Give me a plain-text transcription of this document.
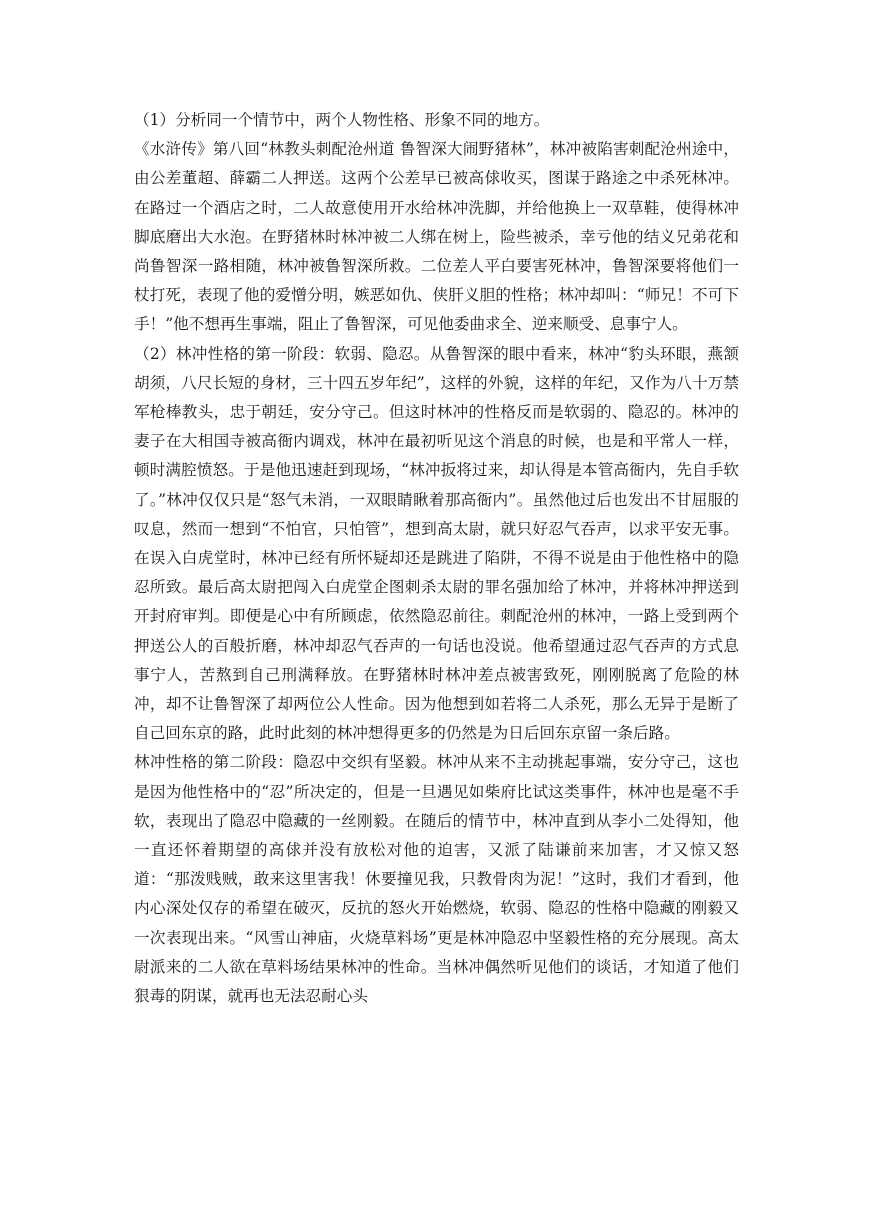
（1）分析同一个情节中，两个人物性格、形象不同的地方。

《水浒传》第八回“林教头刺配沧州道 鲁智深大闹野猪林”，林冲被陷害刺配沧州途中，由公差董超、薛霸二人押送。这两个公差早已被高俅收买，图谋于路途之中杀死林冲。在路过一个酒店之时，二人故意使用开水给林冲洗脚，并给他换上一双草鞋，使得林冲脚底磨出大水泡。在野猪林时林冲被二人绑在树上，险些被杀，幸亏他的结义兄弟花和尚鲁智深一路相随，林冲被鲁智深所救。二位差人平白要害死林冲，鲁智深要将他们一杖打死，表现了他的爱憎分明，嫉恶如仇、侠肝义胆的性格；林冲却叫：“师兄！不可下手！”他不想再生事端，阻止了鲁智深，可见他委曲求全、逆来顺受、息事宁人。

（2）林冲性格的第一阶段：软弱、隐忍。从鲁智深的眼中看来，林冲“豹头环眼，燕颔胡须，八尺长短的身材，三十四五岁年纪”，这样的外貌，这样的年纪，又作为八十万禁军枪棒教头，忠于朝廷，安分守己。但这时林冲的性格反而是软弱的、隐忍的。林冲的妻子在大相国寺被高衙内调戏，林冲在最初听见这个消息的时候，也是和平常人一样，顿时满腔愤怒。于是他迅速赶到现场，“林冲扳将过来，却认得是本管高衙内，先自手软了。”林冲仅仅只是“怒气未消，一双眼睛瞅着那高衙内”。虽然他过后也发出不甘屈服的叹息，然而一想到“不怕官，只怕管”，想到高太尉，就只好忍气吞声，以求平安无事。在误入白虎堂时，林冲已经有所怀疑却还是跳进了陷阱，不得不说是由于他性格中的隐忍所致。最后高太尉把闯入白虎堂企图刺杀太尉的罪名强加给了林冲，并将林冲押送到开封府审判。即便是心中有所顾虑，依然隐忍前往。刺配沧州的林冲，一路上受到两个押送公人的百般折磨，林冲却忍气吞声的一句话也没说。他希望通过忍气吞声的方式息事宁人，苦熬到自己刑满释放。在野猪林时林冲差点被害致死，刚刚脱离了危险的林冲，却不让鲁智深了却两位公人性命。因为他想到如若将二人杀死，那么无异于是断了自己回东京的路，此时此刻的林冲想得更多的仍然是为日后回东京留一条后路。

林冲性格的第二阶段：隐忍中交织有坚毅。林冲从来不主动挑起事端，安分守己，这也是因为他性格中的“忍”所决定的，但是一旦遇见如柴府比试这类事件，林冲也是毫不手软，表现出了隐忍中隐藏的一丝刚毅。在随后的情节中，林冲直到从李小二处得知，他一直还怀着期望的高俅并没有放松对他的迫害，又派了陆谦前来加害，才又惊又怒道：“那泼贱贼，敢来这里害我！休要撞见我，只教骨肉为泥！”这时，我们才看到，他内心深处仅存的希望在破灭，反抗的怒火开始燃烧，软弱、隐忍的性格中隐藏的刚毅又一次表现出来。“风雪山神庙，火烧草料场”更是林冲隐忍中坚毅性格的充分展现。高太尉派来的二人欲在草料场结果林冲的性命。当林冲偶然听见他们的谈话，才知道了他们狠毒的阴谋，就再也无法忍耐心头
